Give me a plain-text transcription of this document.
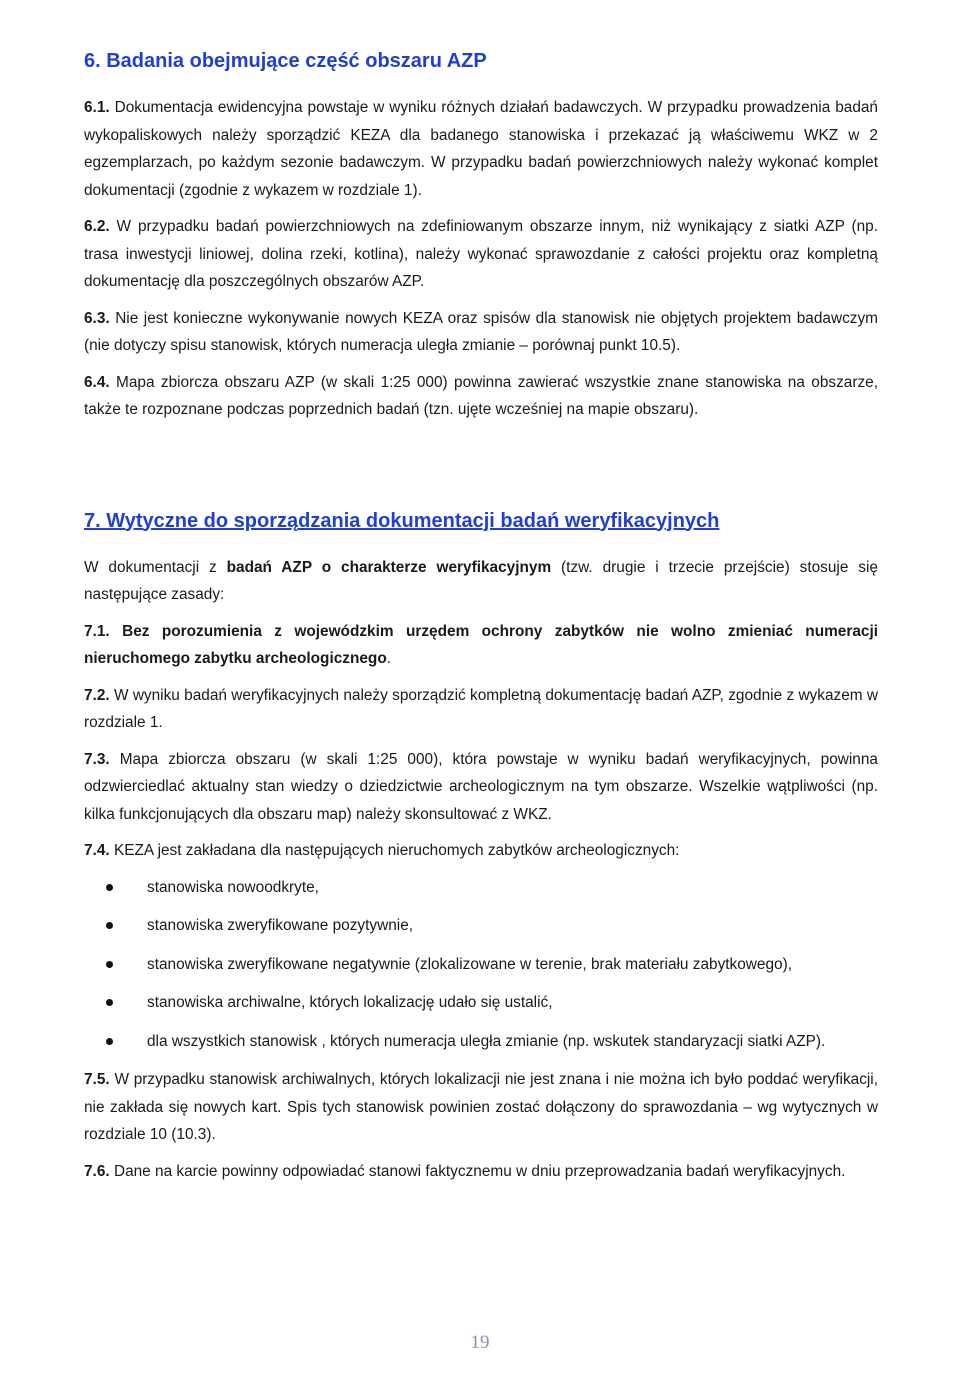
6. Badania obejmujące część obszaru AZP

6.1. Dokumentacja ewidencyjna powstaje w wyniku różnych działań badawczych. W przypadku prowadzenia badań wykopaliskowych należy sporządzić KEZA dla badanego stanowiska i przekazać ją właściwemu WKZ w 2 egzemplarzach, po każdym sezonie badawczym. W przypadku badań powierzchniowych należy wykonać komplet dokumentacji (zgodnie z wykazem w rozdziale 1).

6.2. W przypadku badań powierzchniowych na zdefiniowanym obszarze innym, niż wynikający z siatki AZP (np. trasa inwestycji liniowej, dolina rzeki, kotlina), należy wykonać sprawozdanie z całości projektu oraz kompletną dokumentację dla poszczególnych obszarów AZP.

6.3. Nie jest konieczne wykonywanie nowych KEZA oraz spisów dla stanowisk nie objętych projektem badawczym (nie dotyczy spisu stanowisk, których numeracja uległa zmianie – porównaj punkt 10.5).

6.4. Mapa zbiorcza obszaru AZP (w skali 1:25 000) powinna zawierać wszystkie znane stanowiska na obszarze, także te rozpoznane podczas poprzednich badań (tzn. ujęte wcześniej na mapie obszaru).

7. Wytyczne do sporządzania dokumentacji badań weryfikacyjnych

W dokumentacji z badań AZP o charakterze weryfikacyjnym (tzw. drugie i trzecie przejście) stosuje się następujące zasady:

7.1. Bez porozumienia z wojewódzkim urzędem ochrony zabytków nie wolno zmieniać numeracji nieruchomego zabytku archeologicznego.

7.2. W wyniku badań weryfikacyjnych należy sporządzić kompletną dokumentację badań AZP, zgodnie z wykazem w rozdziale 1.

7.3. Mapa zbiorcza obszaru (w skali 1:25 000), która powstaje w wyniku badań weryfikacyjnych, powinna odzwierciedlać aktualny stan wiedzy o dziedzictwie archeologicznym na tym obszarze. Wszelkie wątpliwości (np. kilka funkcjonujących dla obszaru map) należy skonsultować z WKZ.

7.4. KEZA jest zakładana dla następujących nieruchomych zabytków archeologicznych:

stanowiska nowoodkryte,
stanowiska zweryfikowane pozytywnie,
stanowiska zweryfikowane negatywnie (zlokalizowane w terenie, brak materiału zabytkowego),
stanowiska archiwalne, których lokalizację udało się ustalić,
dla wszystkich stanowisk , których numeracja uległa zmianie (np. wskutek standaryzacji siatki AZP).

7.5. W przypadku stanowisk archiwalnych, których lokalizacji nie jest znana i nie można ich było poddać weryfikacji, nie zakłada się nowych kart. Spis tych stanowisk powinien zostać dołączony do sprawozdania – wg wytycznych w rozdziale 10 (10.3).

7.6. Dane na karcie powinny odpowiadać stanowi faktycznemu w dniu przeprowadzania badań weryfikacyjnych.

19
